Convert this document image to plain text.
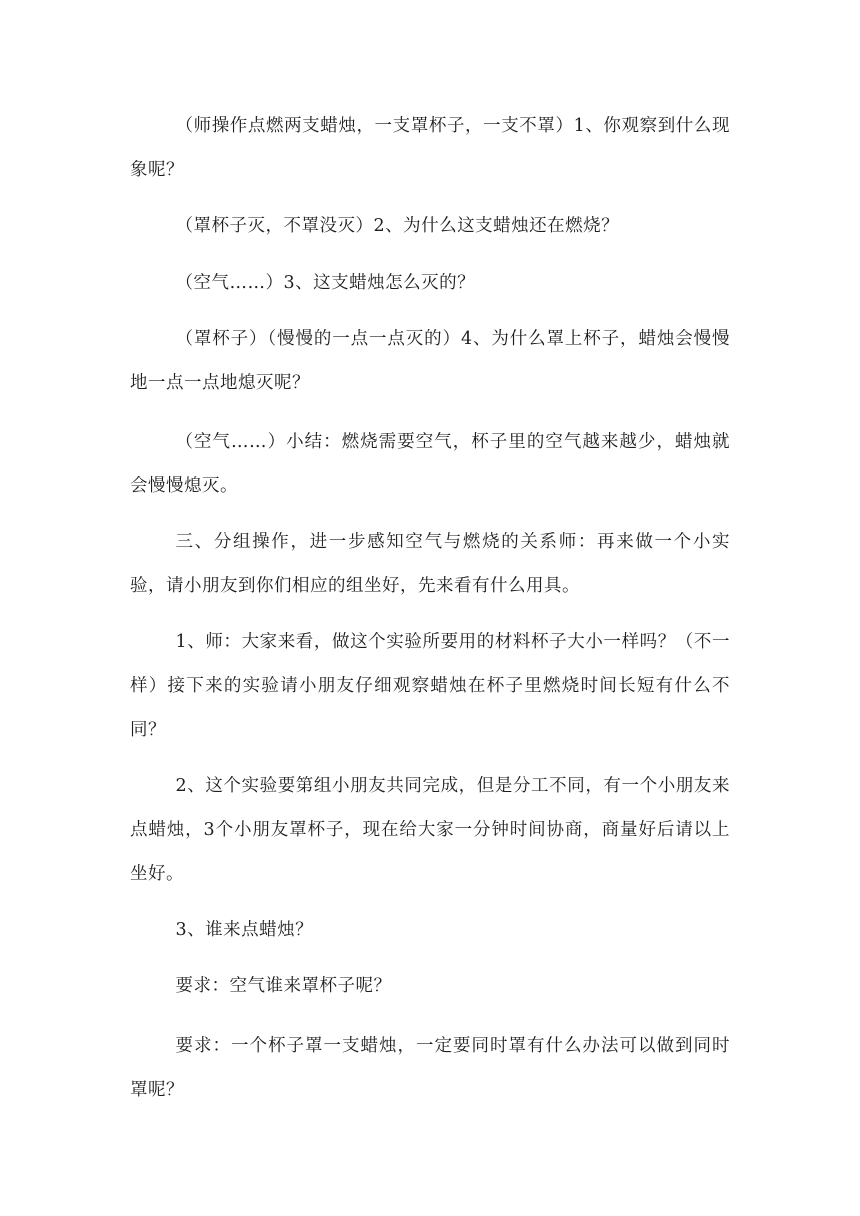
（师操作点燃两支蜡烛，一支罩杯子，一支不罩）1、你观察到什么现象呢？

（罩杯子灭，不罩没灭）2、为什么这支蜡烛还在燃烧？

（空气……）3、这支蜡烛怎么灭的？

（罩杯子）（慢慢的一点一点灭的）4、为什么罩上杯子，蜡烛会慢慢地一点一点地熄灭呢？

（空气……）小结：燃烧需要空气，杯子里的空气越来越少，蜡烛就会慢慢熄灭。

三、分组操作，进一步感知空气与燃烧的关系师：再来做一个小实验，请小朋友到你们相应的组坐好，先来看有什么用具。

1、师：大家来看，做这个实验所要用的材料杯子大小一样吗？（不一样）接下来的实验请小朋友仔细观察蜡烛在杯子里燃烧时间长短有什么不同？

2、这个实验要第组小朋友共同完成，但是分工不同，有一个小朋友来点蜡烛，3个小朋友罩杯子，现在给大家一分钟时间协商，商量好后请以上坐好。

3、谁来点蜡烛？

要求：空气谁来罩杯子呢？

要求：一个杯子罩一支蜡烛，一定要同时罩有什么办法可以做到同时罩呢？
